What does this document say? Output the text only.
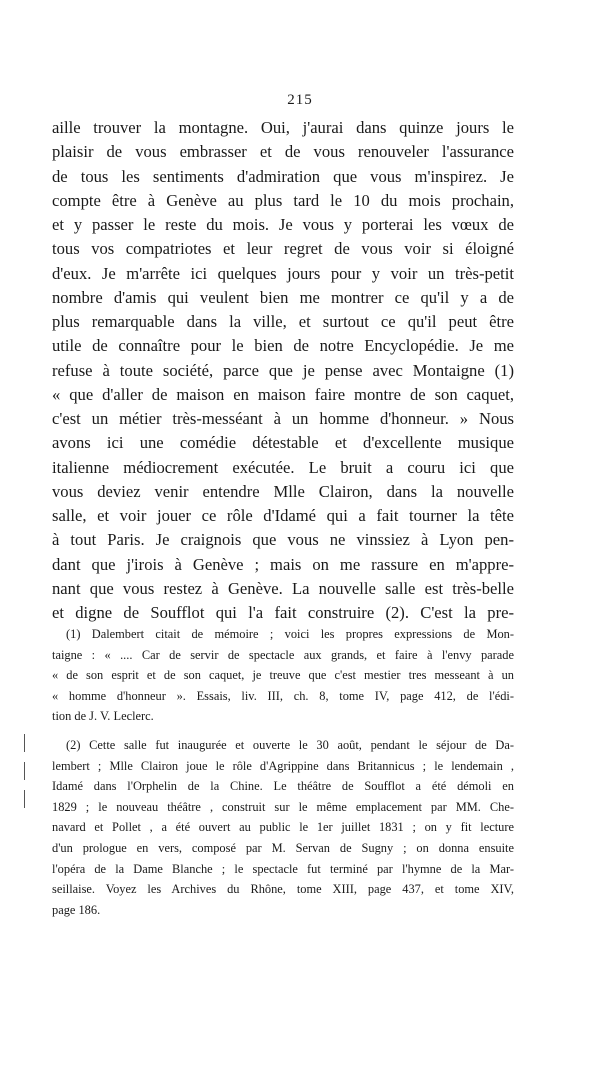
215
aille trouver la montagne. Oui, j'aurai dans quinze jours le
plaisir de vous embrasser et de vous renouveler l'assurance
de tous les sentiments d'admiration que vous m'inspirez. Je
compte être à Genève au plus tard le 10 du mois prochain,
et y passer le reste du mois. Je vous y porterai les vœux de
tous vos compatriotes et leur regret de vous voir si éloigné
d'eux. Je m'arrête ici quelques jours pour y voir un très-petit
nombre d'amis qui veulent bien me montrer ce qu'il y a de
plus remarquable dans la ville, et surtout ce qu'il peut être
utile de connaître pour le bien de notre Encyclopédie. Je me
refuse à toute société, parce que je pense avec Montaigne (1)
« que d'aller de maison en maison faire montre de son caquet,
c'est un métier très-messéant à un homme d'honneur. » Nous
avons ici une comédie détestable et d'excellente musique
italienne médiocrement exécutée. Le bruit a couru ici que
vous deviez venir entendre Mlle Clairon, dans la nouvelle
salle, et voir jouer ce rôle d'Idamé qui a fait tourner la tête
à tout Paris. Je craignois que vous ne vinssiez à Lyon pen-
dant que j'irois à Genève ; mais on me rassure en m'appre-
nant que vous restez à Genève. La nouvelle salle est très-belle
et digne de Soufflot qui l'a fait construire (2). C'est la pre-
(1) Dalembert citait de mémoire ; voici les propres expressions de Mon-
taigne : « .... Car de servir de spectacle aux grands, et faire à l'envy parade
« de son esprit et de son caquet, je treuve que c'est mestier tres messeant à un
« homme d'honneur ». Essais, liv. III, ch. 8, tome IV, page 412, de l'édi-
tion de J. V. Leclerc.
(2) Cette salle fut inaugurée et ouverte le 30 août, pendant le séjour de Da-
lembert ; Mlle Clairon joue le rôle d'Agrippine dans Britannicus ; le lendemain ,
Idamé dans l'Orphelin de la Chine. Le théâtre de Soufflot a été démoli en
1829 ; le nouveau théâtre , construit sur le même emplacement par MM. Che-
navard et Pollet , a été ouvert au public le 1er juillet 1831 ; on y fit lecture
d'un prologue en vers, composé par M. Servan de Sugny ; on donna ensuite
l'opéra de la Dame Blanche ; le spectacle fut terminé par l'hymne de la Mar-
seillaise. Voyez les Archives du Rhône, tome XIII, page 437, et tome XIV,
page 186.
